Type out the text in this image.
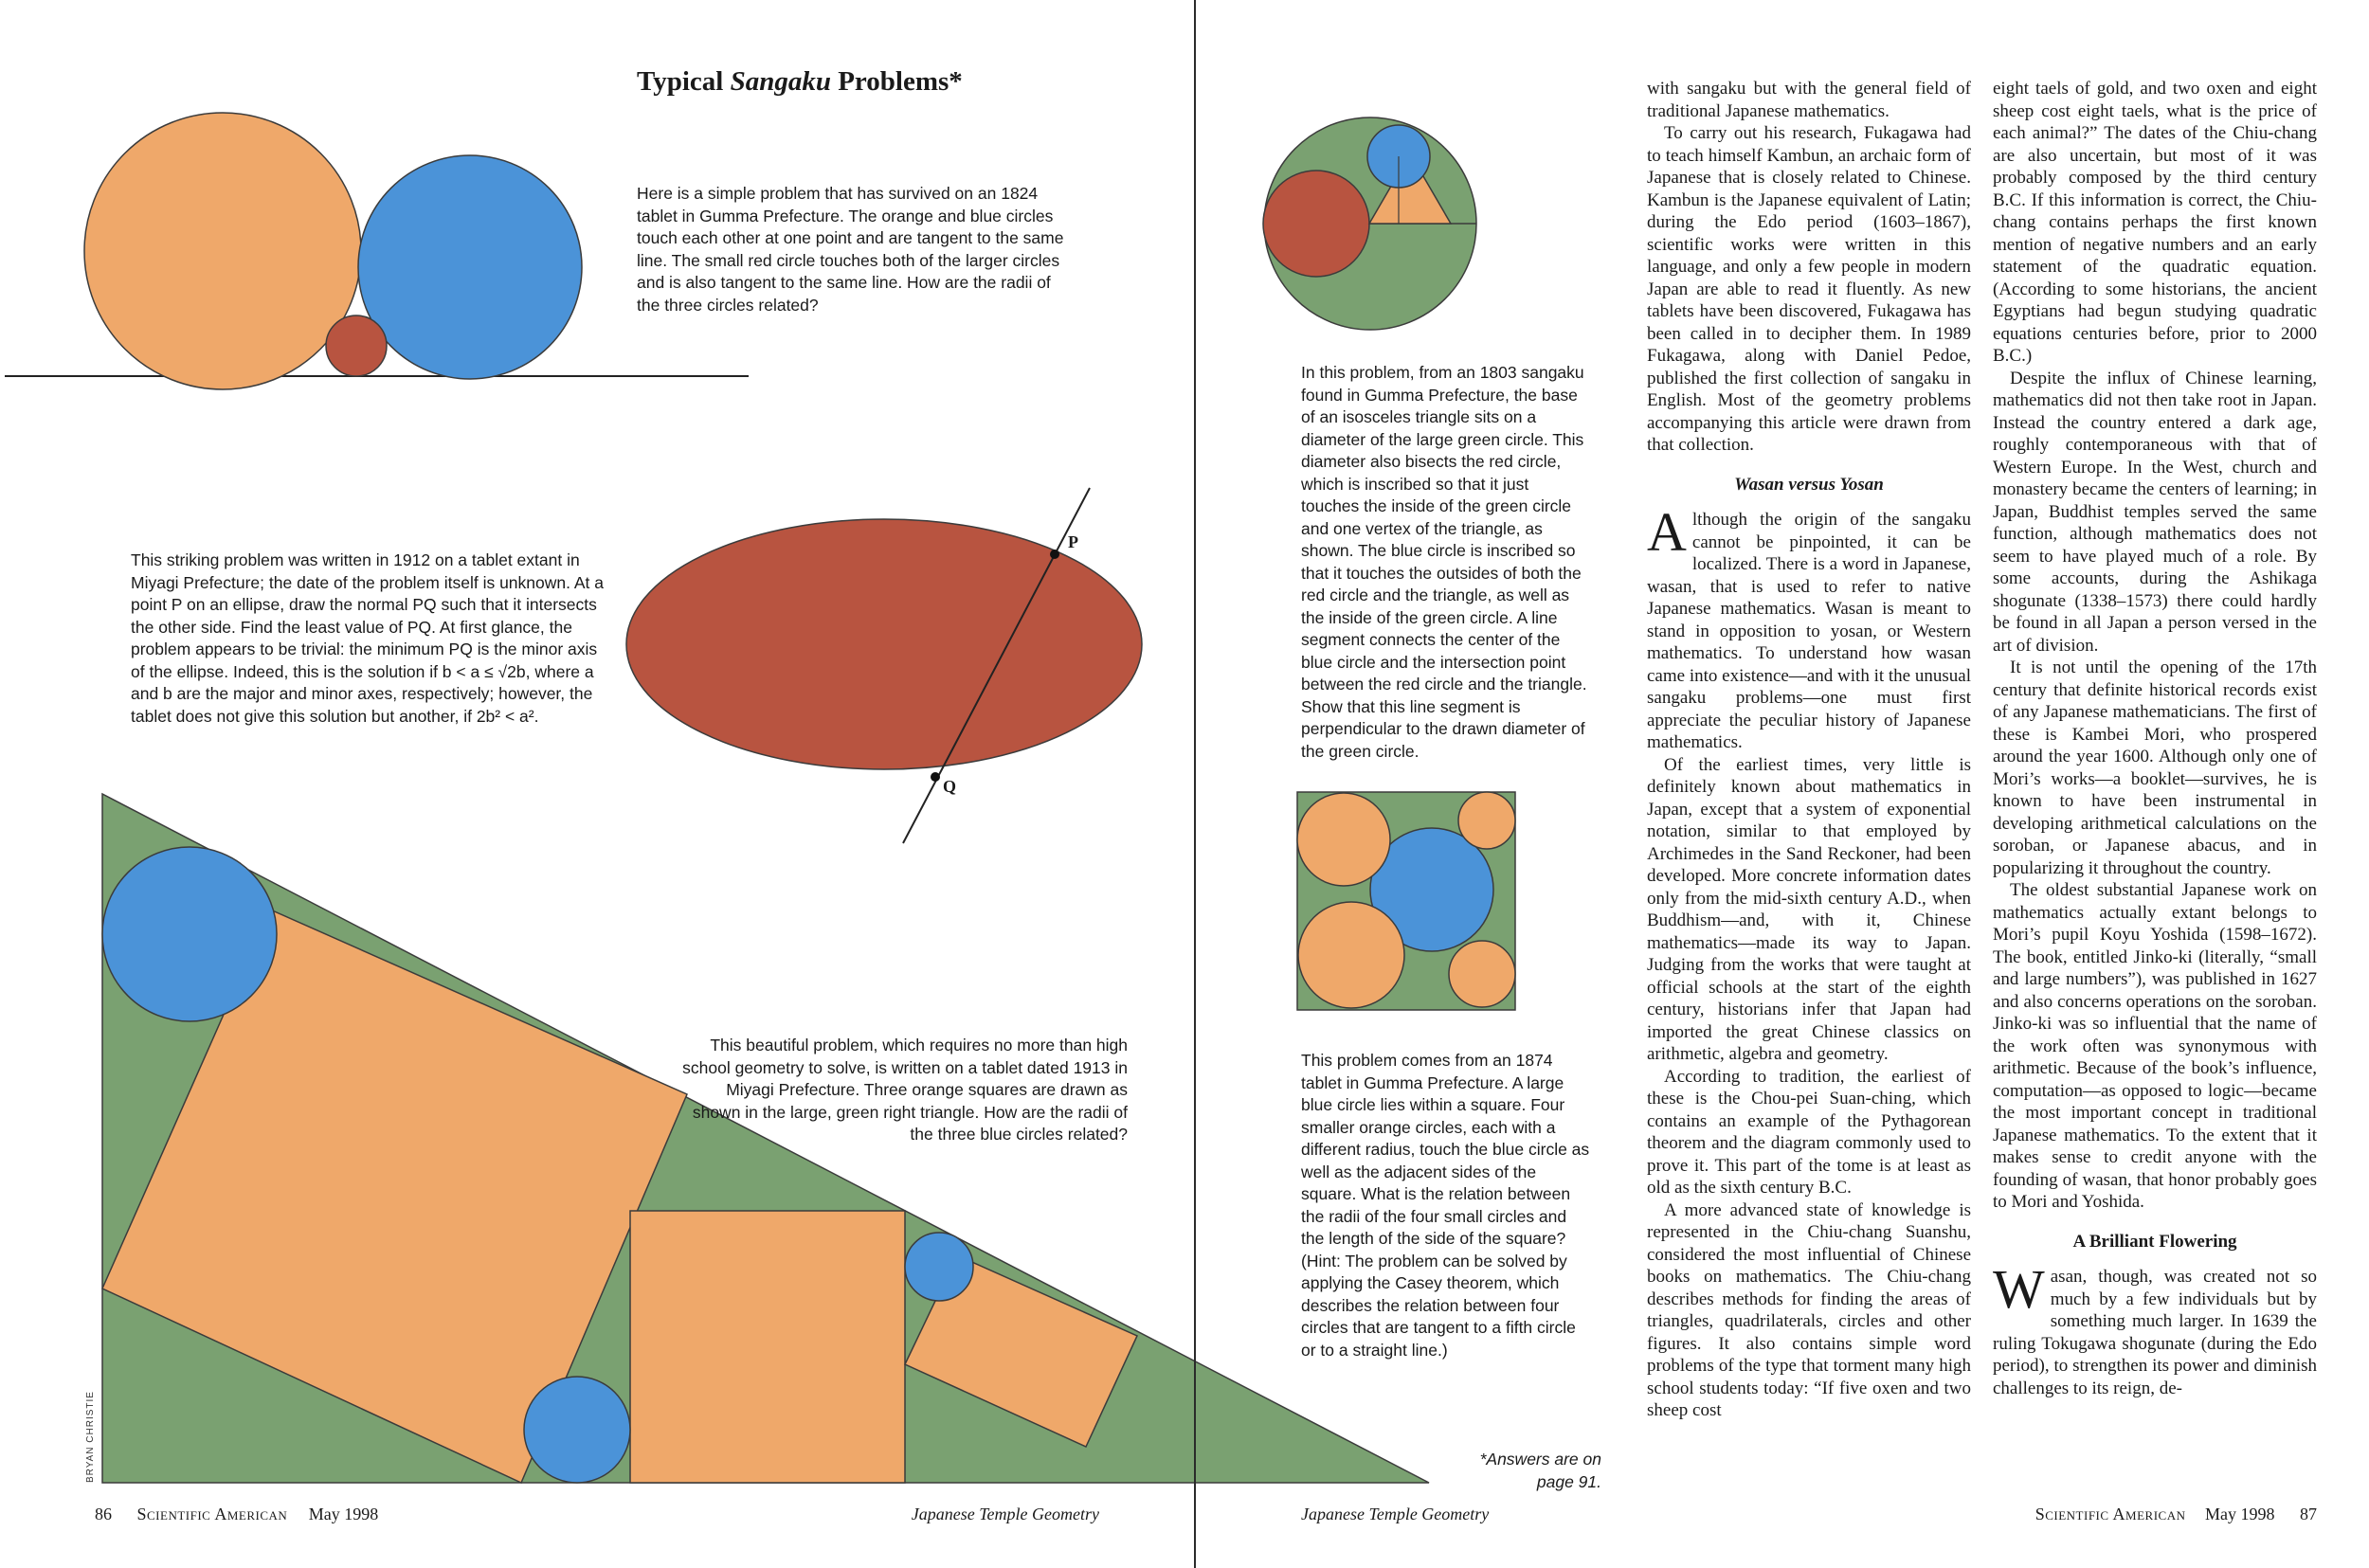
Typical Sangaku Problems*
Here is a simple problem that has survived on an 1824 tablet in Gumma Prefecture. The orange and blue circles touch each other at one point and are tangent to the same line. The small red circle touches both of the larger circles and is also tangent to the same line. How are the radii of the three circles related?
P
Q
This striking problem was written in 1912 on a tablet extant in Miyagi Prefecture; the date of the problem itself is unknown. At a point P on an ellipse, draw the normal PQ such that it intersects the other side. Find the least value of PQ. At first glance, the problem appears to be trivial: the minimum PQ is the minor axis of the ellipse. Indeed, this is the solution if b < a ≤ √2b, where a and b are the major and minor axes, respectively; however, the tablet does not give this solution but another, if 2b² < a².
This beautiful problem, which requires no more than high school geometry to solve, is written on a tablet dated 1913 in Miyagi Prefecture. Three orange squares are drawn as shown in the large, green right triangle. How are the radii of the three blue circles related?
BRYAN CHRISTIE
86 Scientific American May 1998	Japanese Temple Geometry
In this problem, from an 1803 sangaku found in Gumma Prefecture, the base of an isosceles triangle sits on a diameter of the large green circle. This diameter also bisects the red circle, which is inscribed so that it just touches the inside of the green circle and one vertex of the triangle, as shown. The blue circle is inscribed so that it touches the outsides of both the red circle and the triangle, as well as the inside of the green circle. A line segment connects the center of the blue circle and the intersection point between the red circle and the triangle. Show that this line segment is perpendicular to the drawn diameter of the green circle.
This problem comes from an 1874 tablet in Gumma Prefecture. A large blue circle lies within a square. Four smaller orange circles, each with a different radius, touch the blue circle as well as the adjacent sides of the square. What is the relation between the radii of the four small circles and the length of the side of the square? (Hint: The problem can be solved by applying the Casey theorem, which describes the relation between four circles that are tangent to a fifth circle or to a straight line.)
*Answers are on page 91.

with sangaku but with the general field of traditional Japanese mathematics.

To carry out his research, Fukagawa had to teach himself Kambun, an archaic form of Japanese that is closely related to Chinese. Kambun is the Japanese equivalent of Latin; during the Edo period (1603–1867), scientific works were written in this language, and only a few people in modern Japan are able to read it fluently. As new tablets have been discovered, Fukagawa has been called in to decipher them. In 1989 Fukagawa, along with Daniel Pedoe, published the first collection of sangaku in English. Most of the geometry problems accompanying this article were drawn from that collection.

Wasan versus Yosan

Although the origin of the sangaku cannot be pinpointed, it can be localized. There is a word in Japanese, wasan, that is used to refer to native Japanese mathematics. Wasan is meant to stand in opposition to yosan, or Western mathematics. To understand how wasan came into existence—and with it the unusual sangaku problems—one must first appreciate the peculiar history of Japanese mathematics.

Of the earliest times, very little is definitely known about mathematics in Japan, except that a system of exponential notation, similar to that employed by Archimedes in the Sand Reckoner, had been developed. More concrete information dates only from the mid-sixth century A.D., when Buddhism—and, with it, Chinese mathematics—made its way to Japan. Judging from the works that were taught at official schools at the start of the eighth century, historians infer that Japan had imported the great Chinese classics on arithmetic, algebra and geometry.

According to tradition, the earliest of these is the Chou-pei Suan-ching, which contains an example of the Pythagorean theorem and the diagram commonly used to prove it. This part of the tome is at least as old as the sixth century B.C.

A more advanced state of knowledge is represented in the Chiu-chang Suanshu, considered the most influential of Chinese books on mathematics. The Chiu-chang describes methods for finding the areas of triangles, quadrilaterals, circles and other figures. It also contains simple word problems of the type that torment many high school students today: “If five oxen and two sheep cost

eight taels of gold, and two oxen and eight sheep cost eight taels, what is the price of each animal?” The dates of the Chiu-chang are also uncertain, but most of it was probably composed by the third century B.C. If this information is correct, the Chiu-chang contains perhaps the first known mention of negative numbers and an early statement of the quadratic equation. (According to some historians, the ancient Egyptians had begun studying quadratic equations centuries before, prior to 2000 B.C.)

Despite the influx of Chinese learning, mathematics did not then take root in Japan. Instead the country entered a dark age, roughly contemporaneous with that of Western Europe. In the West, church and monastery became the centers of learning; in Japan, Buddhist temples served the same function, although mathematics does not seem to have played much of a role. By some accounts, during the Ashikaga shogunate (1338–1573) there could hardly be found in all Japan a person versed in the art of division.

It is not until the opening of the 17th century that definite historical records exist of any Japanese mathematicians. The first of these is Kambei Mori, who prospered around the year 1600. Although only one of Mori’s works—a booklet—survives, he is known to have been instrumental in developing arithmetical calculations on the soroban, or Japanese abacus, and in popularizing it throughout the country.

The oldest substantial Japanese work on mathematics actually extant belongs to Mori’s pupil Koyu Yoshida (1598–1672). The book, entitled Jinko-ki (literally, “small and large numbers”), was published in 1627 and also concerns operations on the soroban. Jinko-ki was so influential that the name of the work often was synonymous with arithmetic. Because of the book’s influence, computation—as opposed to logic—became the most important concept in traditional Japanese mathematics. To the extent that it makes sense to credit anyone with the founding of wasan, that honor probably goes to Mori and Yoshida.

A Brilliant Flowering

Wasan, though, was created not so much by a few individuals but by something much larger. In 1639 the ruling Tokugawa shogunate (during the Edo period), to strengthen its power and diminish challenges to its reign, de-

Japanese Temple Geometry	Scientific American May 1998 87
